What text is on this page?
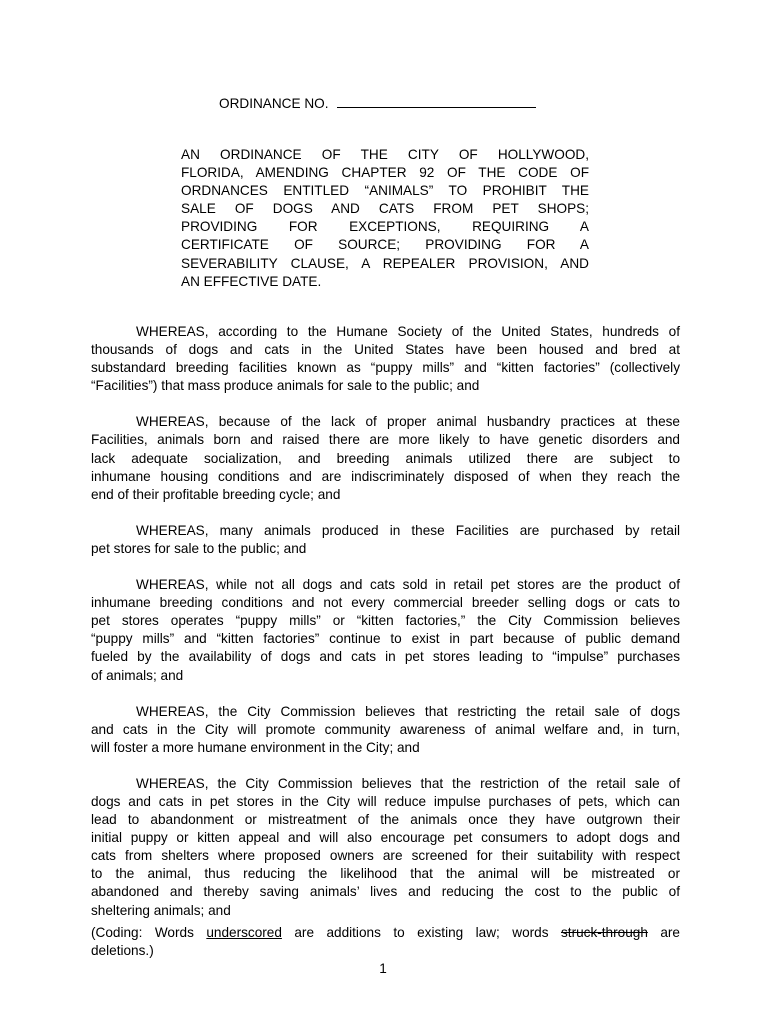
ORDINANCE NO.
AN ORDINANCE OF THE CITY OF HOLLYWOOD,
FLORIDA, AMENDING CHAPTER 92 OF THE CODE OF
ORDNANCES ENTITLED “ANIMALS” TO PROHIBIT THE
SALE OF DOGS AND CATS FROM PET SHOPS;
PROVIDING FOR EXCEPTIONS, REQUIRING A
CERTIFICATE OF SOURCE; PROVIDING FOR A
SEVERABILITY CLAUSE, A REPEALER PROVISION, AND
AN EFFECTIVE DATE.
WHEREAS, according to the Humane Society of the United States, hundreds of
thousands of dogs and cats in the United States have been housed and bred at
substandard breeding facilities known as “puppy mills” and “kitten factories” (collectively
“Facilities”) that mass produce animals for sale to the public; and
WHEREAS, because of the lack of proper animal husbandry practices at these
Facilities, animals born and raised there are more likely to have genetic disorders and
lack adequate socialization, and breeding animals utilized there are subject to
inhumane housing conditions and are indiscriminately disposed of when they reach the
end of their profitable breeding cycle; and
WHEREAS, many animals produced in these Facilities are purchased by retail
pet stores for sale to the public; and
WHEREAS, while not all dogs and cats sold in retail pet stores are the product of
inhumane breeding conditions and not every commercial breeder selling dogs or cats to
pet stores operates “puppy mills” or “kitten factories,” the City Commission believes
“puppy mills” and “kitten factories” continue to exist in part because of public demand
fueled by the availability of dogs and cats in pet stores leading to “impulse” purchases
of animals; and
WHEREAS, the City Commission believes that restricting the retail sale of dogs
and cats in the City will promote community awareness of animal welfare and, in turn,
will foster a more humane environment in the City; and
WHEREAS, the City Commission believes that the restriction of the retail sale of
dogs and cats in pet stores in the City will reduce impulse purchases of pets, which can
lead to abandonment or mistreatment of the animals once they have outgrown their
initial puppy or kitten appeal and will also encourage pet consumers to adopt dogs and
cats from shelters where proposed owners are screened for their suitability with respect
to the animal, thus reducing the likelihood that the animal will be mistreated or
abandoned and thereby saving animals’ lives and reducing the cost to the public of
sheltering animals; and
(Coding: Words underscored are additions to existing law; words struck-through are
deletions.)
1
